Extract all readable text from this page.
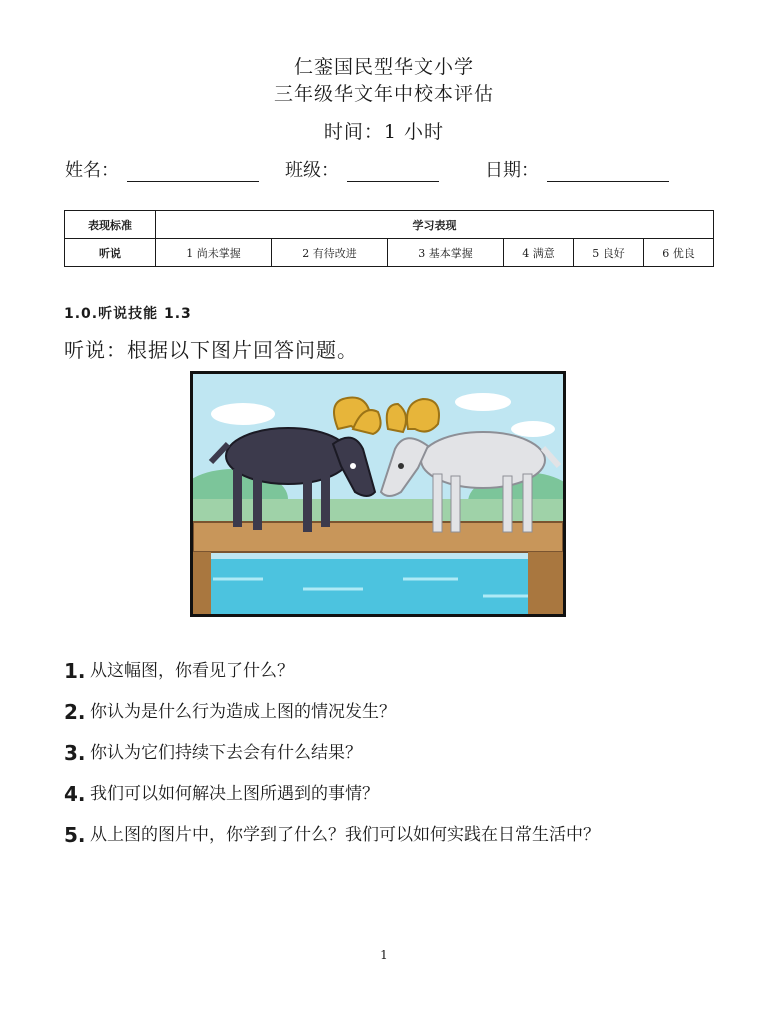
仁銮国民型华文小学
三年级华文年中校本评估
时间：1 小时
姓名：	班级：	日期：
表现标准	学习表现					
听说	1 尚未掌握	2 有待改进	3 基本掌握	4 满意	5 良好	6 优良
1.0.听说技能 1.3
听说：根据以下图片回答问题。
1. 从这幅图，你看见了什么？
2. 你认为是什么行为造成上图的情况发生？
3. 你认为它们持续下去会有什么结果？
4. 我们可以如何解决上图所遇到的事情？
5. 从上图的图片中，你学到了什么？我们可以如何实践在日常生活中？
1
